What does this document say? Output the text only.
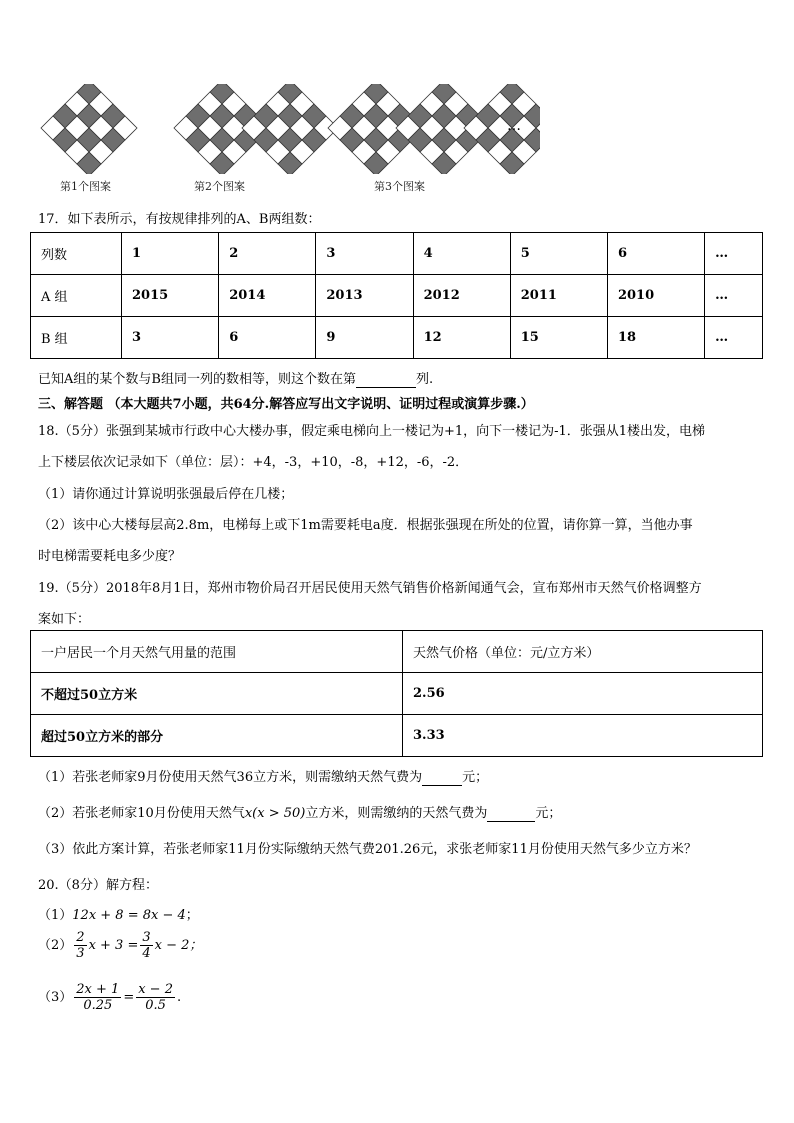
…
第1个图案	第2个图案	第3个图案
17．如下表所示，有按规律排列的A、B两组数：
列数	1	2	3	4	5	6	…
A 组	2015	2014	2013	2012	2011	2010	…
B 组	3	6	9	12	15	18	…
已知A组的某个数与B组同一列的数相等，则这个数在第	列.
三、解答题 （本大题共7小题，共64分.解答应写出文字说明、证明过程或演算步骤.）
18.（5分）张强到某城市行政中心大楼办事，假定乘电梯向上一楼记为+1，向下一楼记为-1．张强从1楼出发，电梯
上下楼层依次记录如下（单位：层）：+4，-3，+10，-8，+12，-6，-2．
（1）请你通过计算说明张强最后停在几楼；
（2）该中心大楼每层高2.8m，电梯每上或下1m需要耗电a度．根据张强现在所处的位置，请你算一算，当他办事
时电梯需要耗电多少度？
19.（5分）2018年8月1日，郑州市物价局召开居民使用天然气销售价格新闻通气会，宣布郑州市天然气价格调整方
案如下：
一户居民一个月天然气用量的范围	天然气价格（单位：元/立方米）
不超过50立方米	2.56
超过50立方米的部分	3.33
（1）若张老师家9月份使用天然气36立方米，则需缴纳天然气费为	元；
（2）若张老师家10月份使用天然气x(x > 50)立方米，则需缴纳的天然气费为	元；
（3）依此方案计算，若张老师家11月份实际缴纳天然气费201.26元，求张老师家11月份使用天然气多少立方米？
20.（8分）解方程：
（1）12x + 8 = 8x − 4；
$(2) \frac{2}{3}$ $x + 3 = \frac{3}{4}$ x − 2；
$(3) \frac{2x + 1}{0.25} = \frac{x - 2}{0.5}$ .
